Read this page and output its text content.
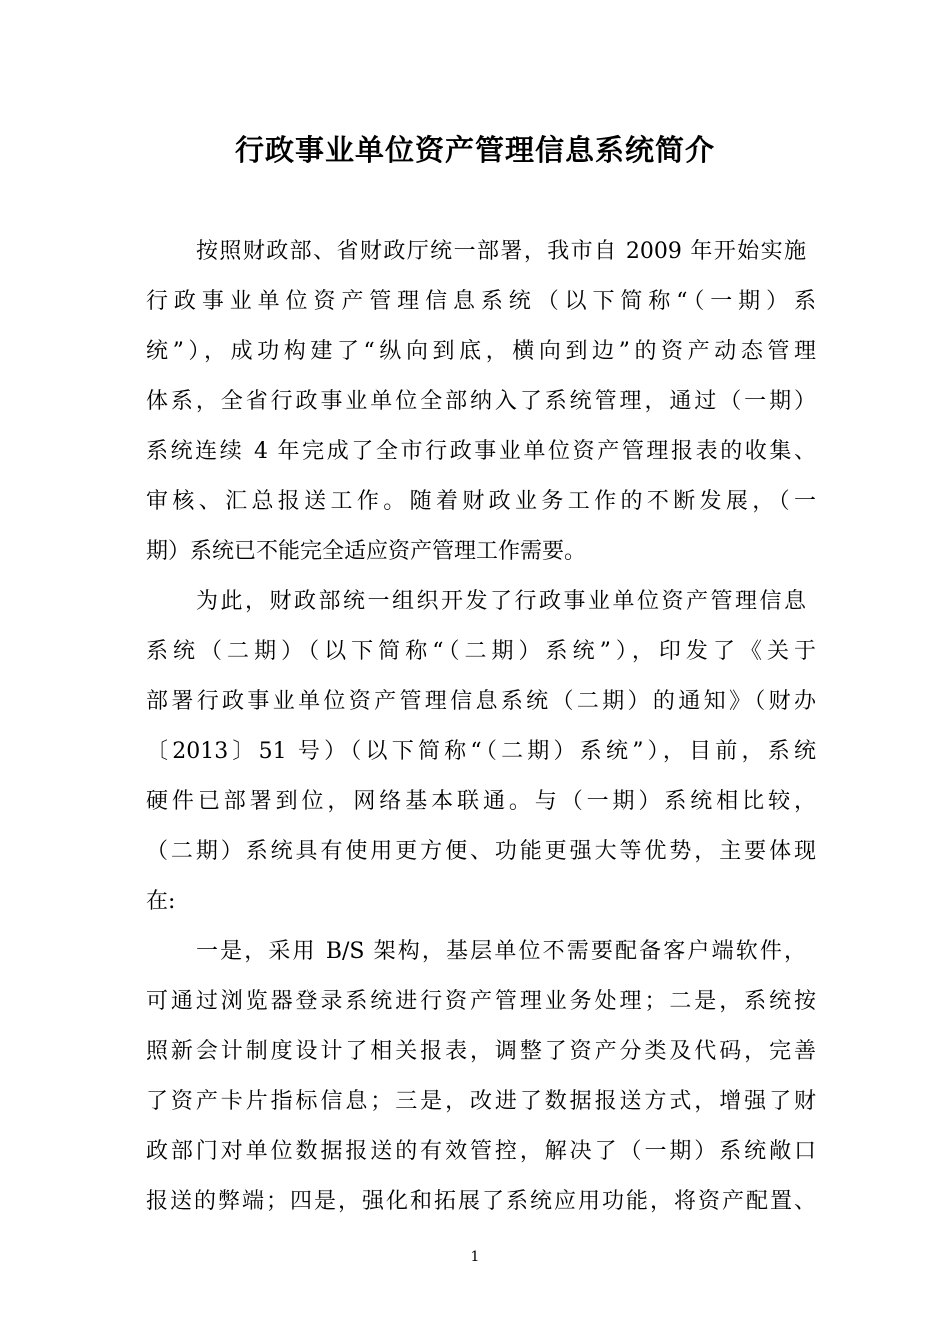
行政事业单位资产管理信息系统简介
按照财政部、省财政厅统一部署，我市自 2009 年开始实施
行政事业单位资产管理信息系统（以下简称“（一期）系
统”），成功构建了“纵向到底，横向到边”的资产动态管理
体系，全省行政事业单位全部纳入了系统管理，通过（一期）
系统连续 4 年完成了全市行政事业单位资产管理报表的收集、
审核、汇总报送工作。随着财政业务工作的不断发展，（一
期）系统已不能完全适应资产管理工作需要。
为此，财政部统一组织开发了行政事业单位资产管理信息
系统（二期）（以下简称“（二期）系统”），印发了《关于
部署行政事业单位资产管理信息系统（二期）的通知》（财办
〔2013〕51 号）（以下简称“（二期）系统”），目前，系统
硬件已部署到位，网络基本联通。与（一期）系统相比较，
（二期）系统具有使用更方便、功能更强大等优势，主要体现
在:
一是，采用 B/S 架构，基层单位不需要配备客户端软件，
可通过浏览器登录系统进行资产管理业务处理；二是，系统按
照新会计制度设计了相关报表，调整了资产分类及代码，完善
了资产卡片指标信息；三是，改进了数据报送方式，增强了财
政部门对单位数据报送的有效管控，解决了（一期）系统敞口
报送的弊端；四是，强化和拓展了系统应用功能，将资产配置、
1
